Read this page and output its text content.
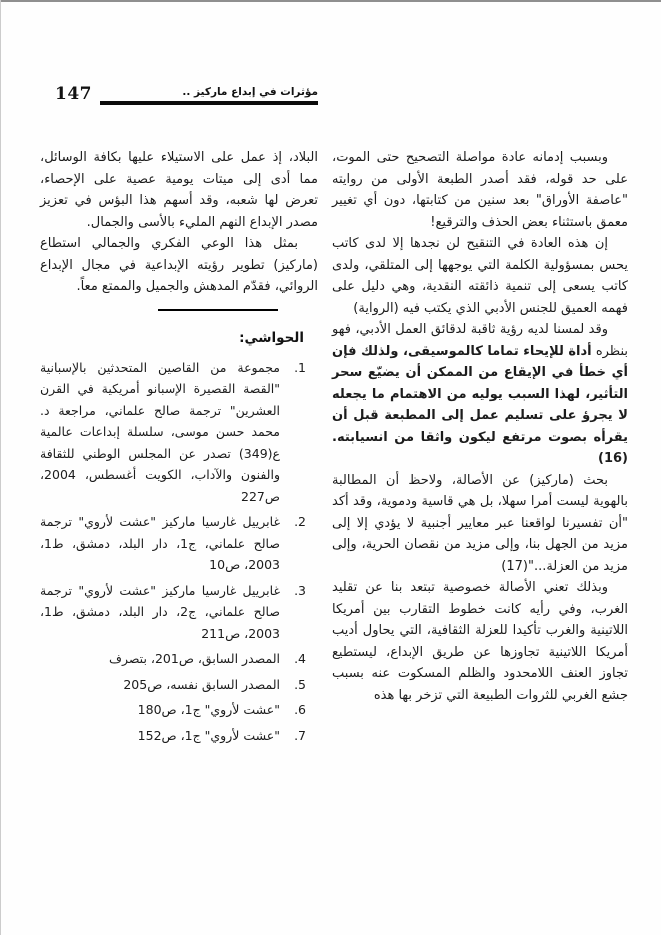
147	مؤثرات في إبداع ماركيز ..

وبسبب إدمانه عادة مواصلة التصحيح حتى الموت، على حد قوله، فقد أصدر الطبعة الأولى من روايته "عاصفة الأوراق" بعد سنين من كتابتها، دون أي تغيير معمق باستثناء بعض الحذف والترقيع!

إن هذه العادة في التنقيح لن نجدها إلا لدى كاتب يحس بمسؤولية الكلمة التي يوجهها إلى المتلقي، ولدى كاتب يسعى إلى تنمية ذائقته النقدية، وهي دليل على فهمه العميق للجنس الأدبي الذي يكتب فيه (الرواية)

وقد لمسنا لديه رؤية ثاقبة لدقائق العمل الأدبي، فهو بنظره أداة للإيحاء تماما كالموسيقى، ولذلك فإن أي خطأ في الإيقاع من الممكن أن يضيّع سحر التأثير، لهذا السبب يوليه من الاهتمام ما يجعله لا يجرؤ على تسليم عمل إلى المطبعة قبل أن يقرأه بصوت مرتفع ليكون واثقا من انسيابته.(16)

بحث (ماركيز) عن الأصالة، ولاحظ أن المطالبة بالهوية ليست أمرا سهلا، بل هي قاسية ودموية، وقد أكد "أن تفسيرنا لواقعنا عبر معايير أجنبية لا يؤدي إلا إلى مزيد من الجهل بنا، وإلى مزيد من نقصان الحرية، وإلى مزيد من العزلة..."(17)

وبذلك تعني الأصالة خصوصية تبتعد بنا عن تقليد الغرب، وفي رأيه كانت خطوط التقارب بين أمريكا اللاتينية والغرب تأكيدا للعزلة الثقافية، التي يحاول أديب أمريكا اللاتينية تجاوزها عن طريق الإبداع، ليستطيع تجاوز العنف اللامحدود والظلم المسكوت عنه بسبب جشع الغربي للثروات الطبيعة التي تزخر بها هذه

البلاد، إذ عمل على الاستيلاء عليها بكافة الوسائل، مما أدى إلى ميتات يومية عصية على الإحصاء، تعرض لها شعبه، وقد أسهم هذا البؤس في تعزيز مصدر الإبداع النهم المليء بالأسى والجمال.

بمثل هذا الوعي الفكري والجمالي استطاع (ماركيز) تطوير رؤيته الإبداعية في مجال الإبداع الروائي، فقدّم المدهش والجميل والممتع معاً.

الحواشي:
1.
مجموعة من القاصين المتحدثين بالإسبانية "القصة القصيرة الإسبانو أمريكية في القرن العشرين" ترجمة صالح علماني، مراجعة د. محمد حسن موسى، سلسلة إبداعات عالمية ع(349) تصدر عن المجلس الوطني للثقافة والفنون والآداب، الكويت أغسطس، 2004، ص227
2.
غابرييل غارسيا ماركيز "عشت لأروي" ترجمة صالح علماني، ج1، دار البلد، دمشق، ط1، 2003، ص10
3.
غابرييل غارسيا ماركيز "عشت لأروي" ترجمة صالح علماني، ج2، دار البلد، دمشق، ط1، 2003، ص211
4.
المصدر السابق، ص201، بتصرف
5.
المصدر السابق نفسه، ص205
6.
"عشت لأروي" ج1، ص180
7.
"عشت لأروي" ج1، ص152
